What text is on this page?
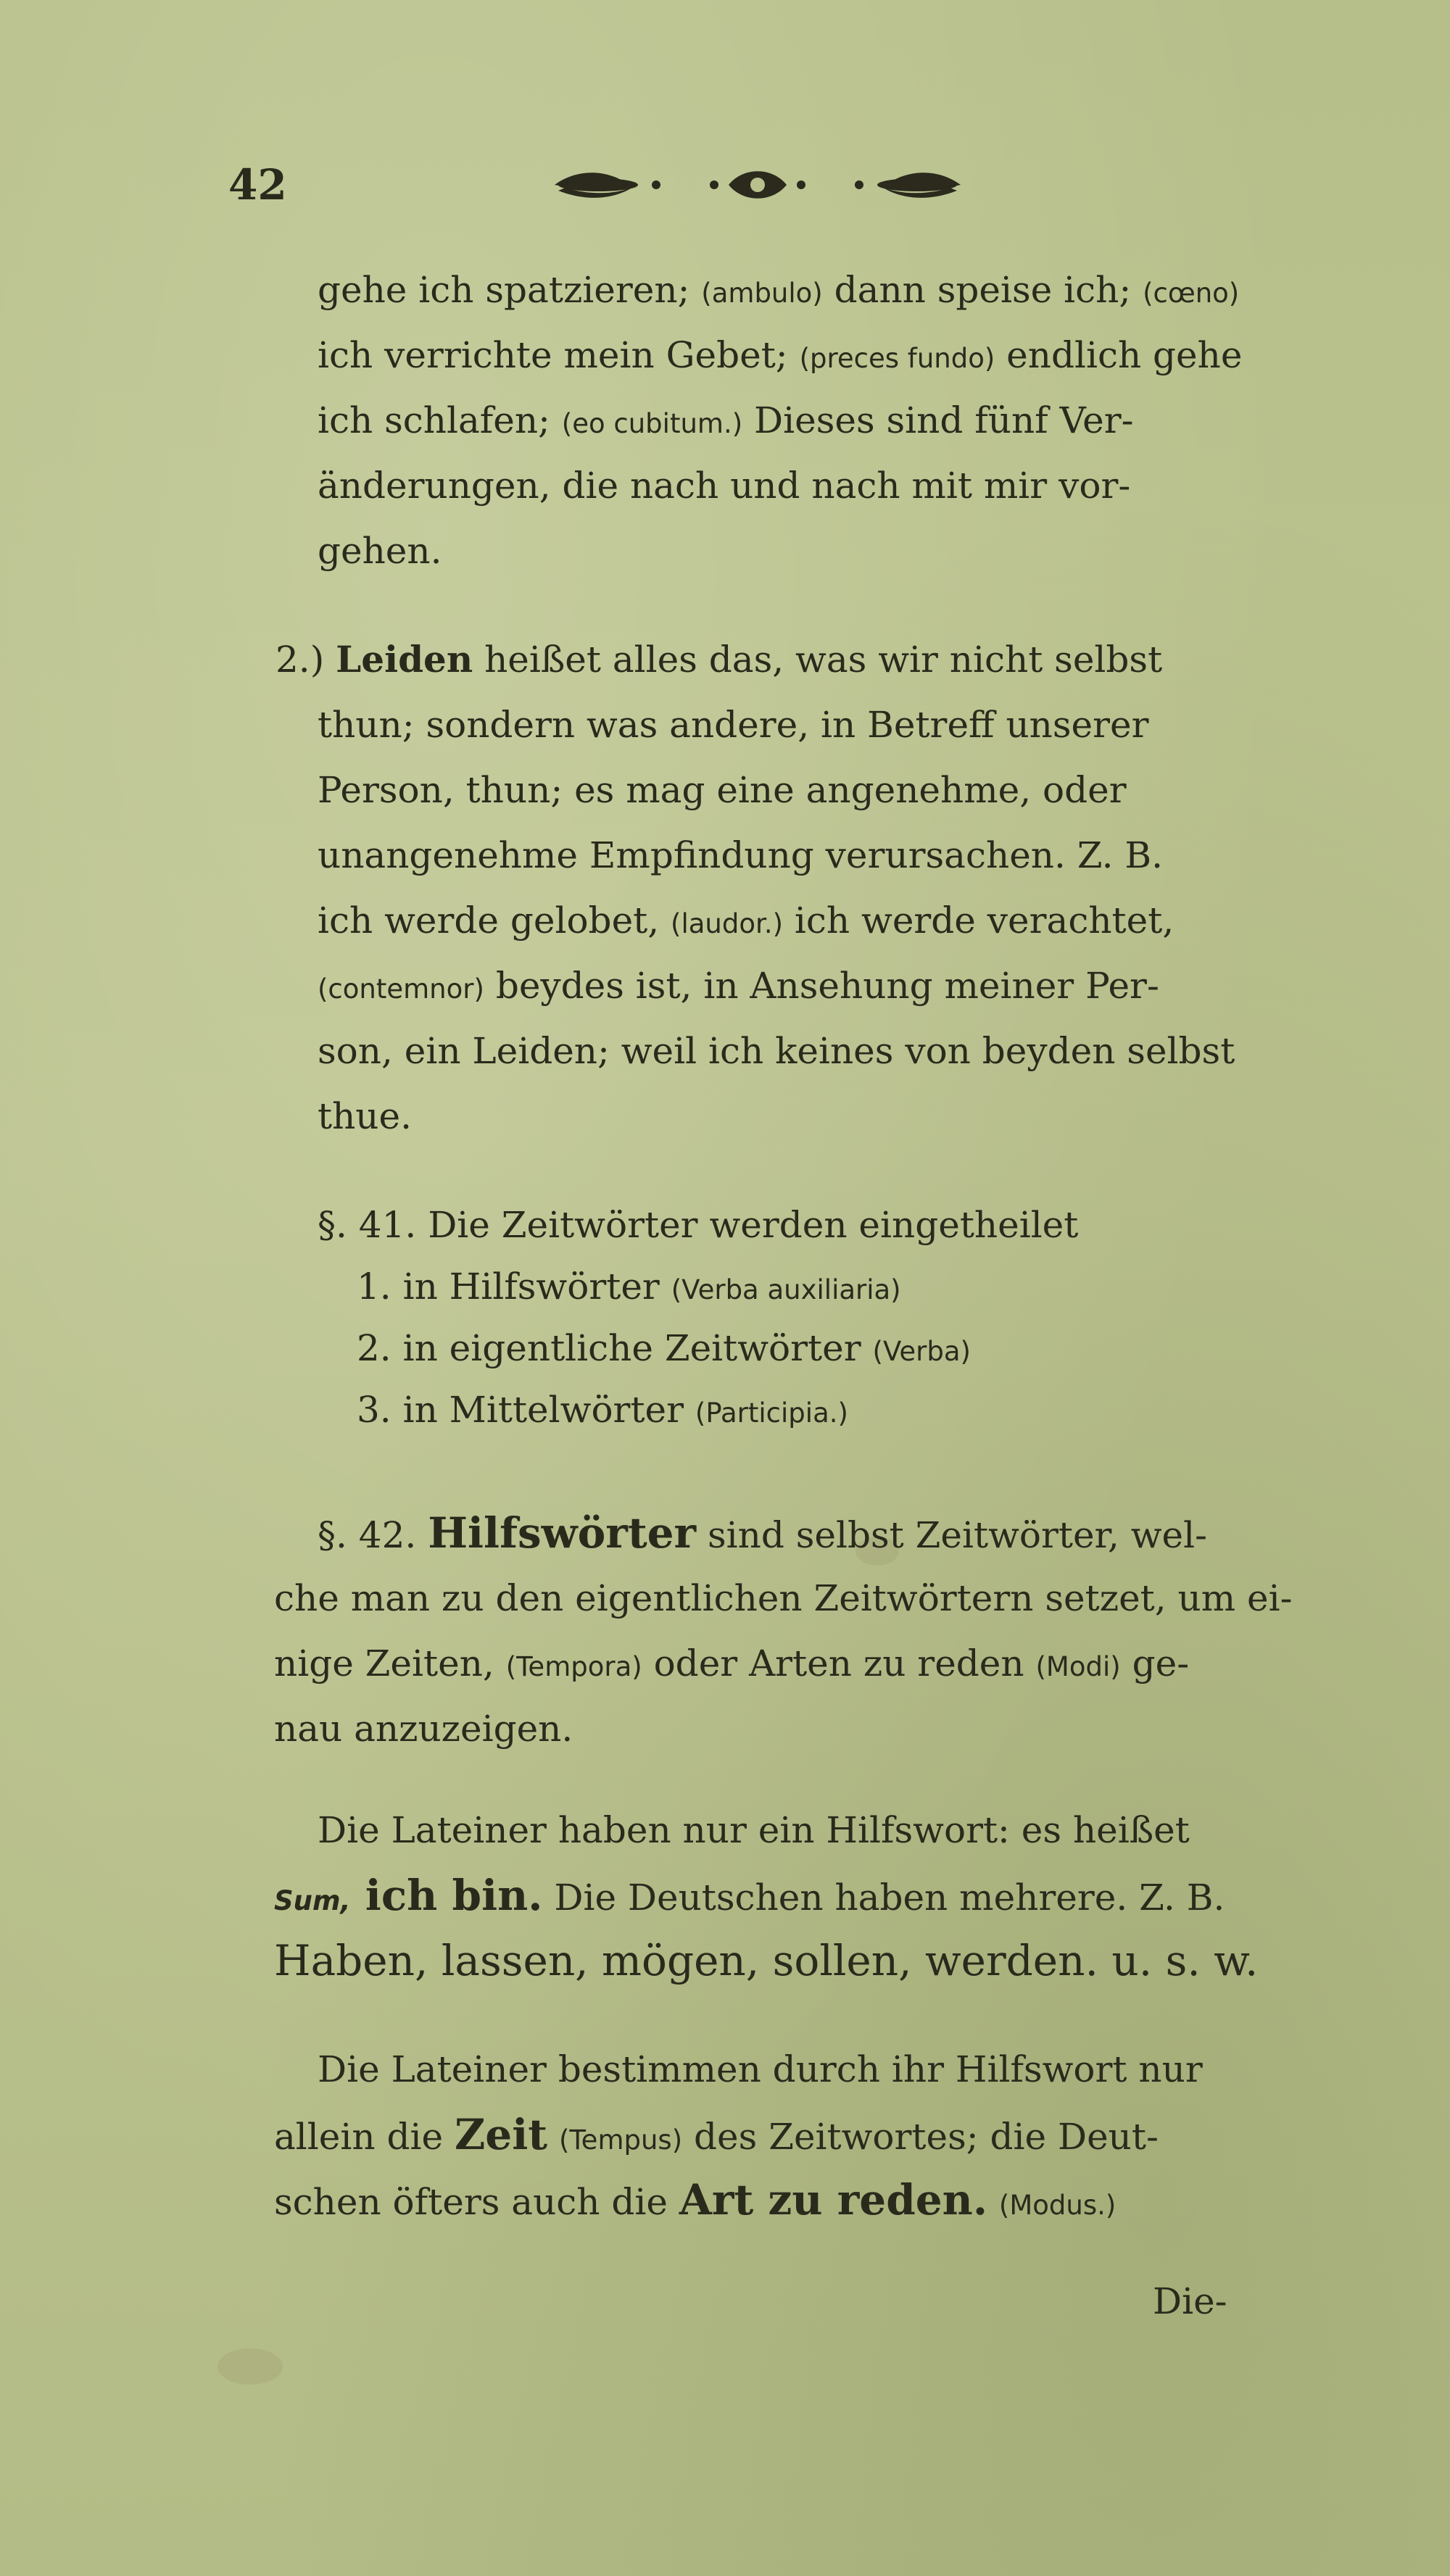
42
gehe ich spatzieren; (ambulo) dann speise ich; (cœno)
ich verrichte mein Gebet; (preces fundo) endlich gehe
ich schlafen; (eo cubitum.) Dieses sind fünf Ver-
änderungen, die nach und nach mit mir vor-
gehen.
2.) Leiden heißet alles das, was wir nicht selbst
thun; sondern was andere, in Betreff unserer
Person, thun; es mag eine angenehme, oder
unangenehme Empfindung verursachen. Z. B.
ich werde gelobet, (laudor.) ich werde verachtet,
(contemnor) beydes ist, in Ansehung meiner Per-
son, ein Leiden; weil ich keines von beyden selbst
thue.
§. 41. Die Zeitwörter werden eingetheilet
1. in Hilfswörter (Verba auxiliaria)
2. in eigentliche Zeitwörter (Verba)
3. in Mittelwörter (Participia.)
§. 42. Hilfswörter sind selbst Zeitwörter, wel-
che man zu den eigentlichen Zeitwörtern setzet, um ei-
nige Zeiten, (Tempora) oder Arten zu reden (Modi) ge-
nau anzuzeigen.
Die Lateiner haben nur ein Hilfswort: es heißet
Sum, ich bin. Die Deutschen haben mehrere. Z. B.
Haben, lassen, mögen, sollen, werden. u. s. w.
Die Lateiner bestimmen durch ihr Hilfswort nur
allein die Zeit (Tempus) des Zeitwortes; die Deut-
schen öfters auch die Art zu reden. (Modus.)
Die-
